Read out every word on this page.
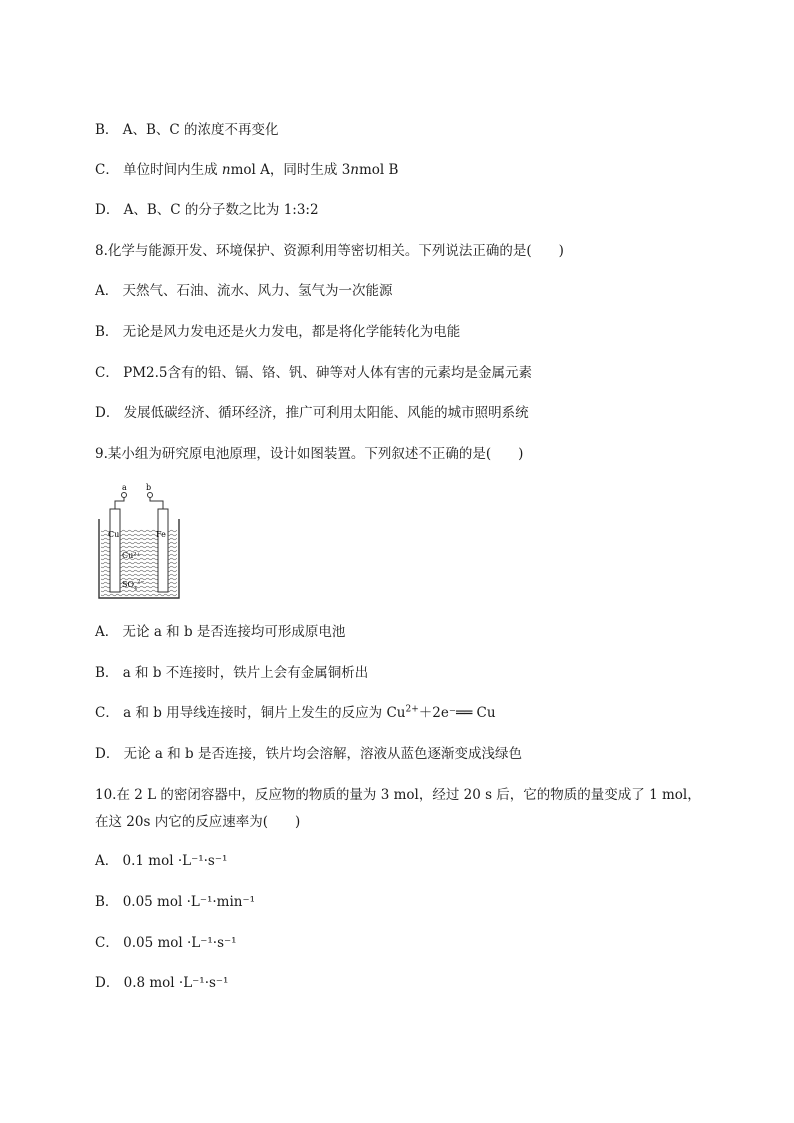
B． A、B、C 的浓度不再变化
C． 单位时间内生成 nmol A，同时生成 3nmol B
D． A、B、C 的分子数之比为 1:3:2
8.化学与能源开发、环境保护、资源利用等密切相关。下列说法正确的是(　　)
A． 天然气、石油、流水、风力、氢气为一次能源
B． 无论是风力发电还是火力发电，都是将化学能转化为电能
C． PM2.5含有的铅、镉、铬、钒、砷等对人体有害的元素均是金属元素
D． 发展低碳经济、循环经济，推广可利用太阳能、风能的城市照明系统
9.某小组为研究原电池原理，设计如图装置。下列叙述不正确的是(　　)
a b
Cu	Fe
Cu²⁺
$SO_4^{2-}$
A． 无论 a 和 b 是否连接均可形成原电池
B． a 和 b 不连接时，铁片上会有金属铜析出
C． a 和 b 用导线连接时，铜片上发生的反应为 $Cu^{2+}+2e^-══$ Cu
D． 无论 a 和 b 是否连接，铁片均会溶解，溶液从蓝色逐渐变成浅绿色
10.在 2 L 的密闭容器中，反应物的物质的量为 3 mol，经过 20 s 后，它的物质的量变成了 1 mol，
在这 20s 内它的反应速率为(　　)
A． 0.1 mol ·L⁻¹·s⁻¹
B． 0.05 mol ·L⁻¹·min⁻¹
C． 0.05 mol ·L⁻¹·s⁻¹
D． 0.8 mol ·L⁻¹·s⁻¹
